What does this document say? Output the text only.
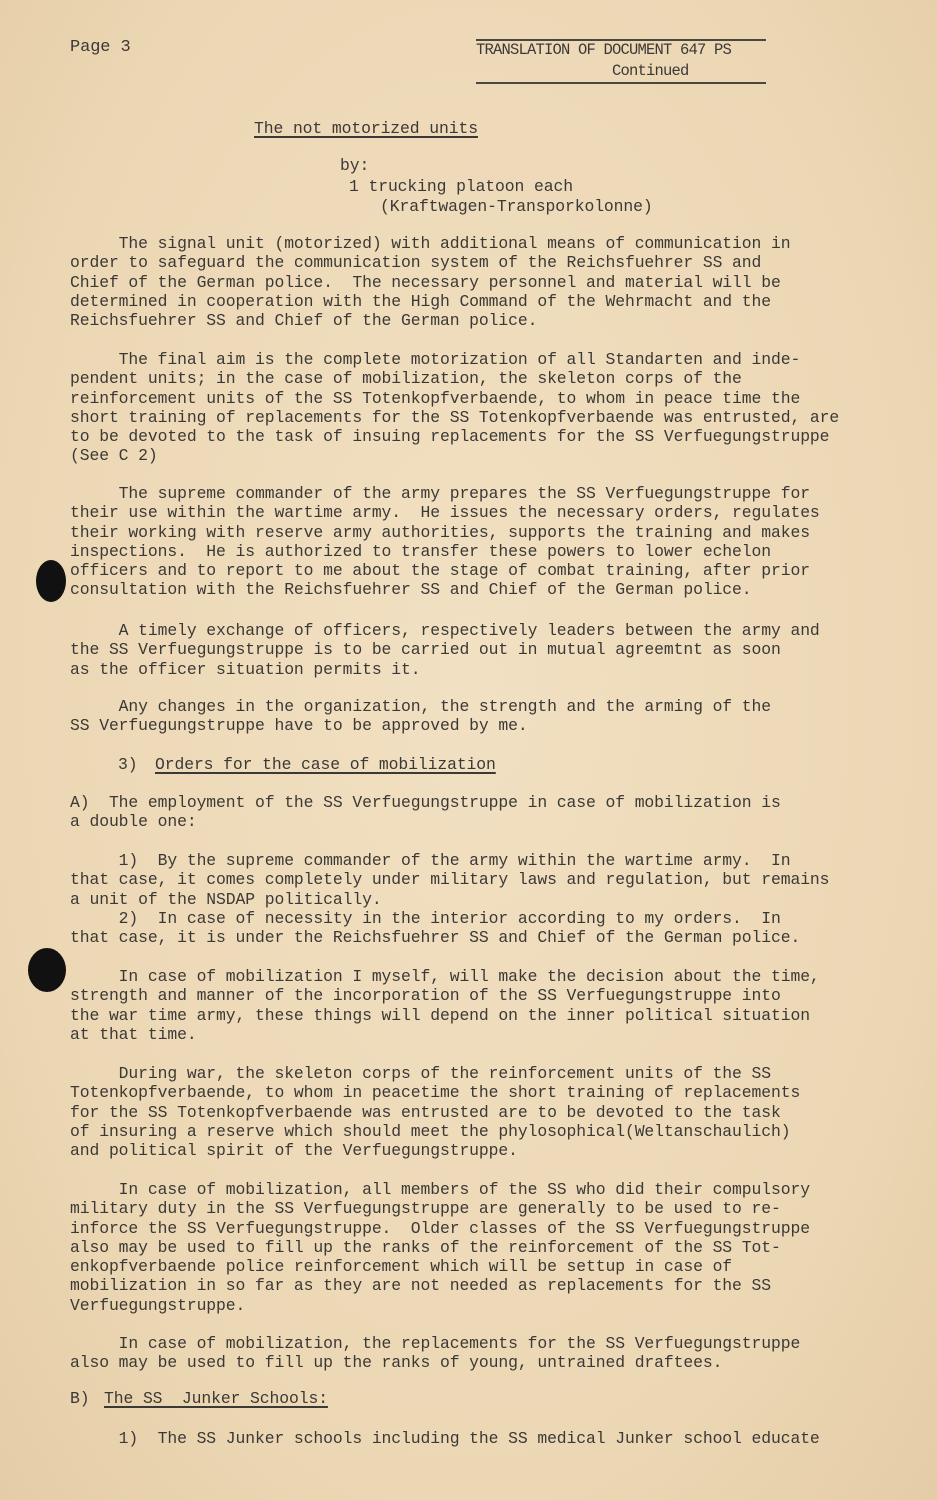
Page 3	TRANSLATION OF DOCUMENT 647 PS
Continued
The not motorized units
by:
1 trucking platoon each
(Kraftwagen-Transporkolonne)
The signal unit (motorized) with additional means of communication in
order to safeguard the communication system of the Reichsfuehrer SS and
Chief of the German police.  The necessary personnel and material will be
determined in cooperation with the High Command of the Wehrmacht and the
Reichsfuehrer SS and Chief of the German police.
The final aim is the complete motorization of all Standarten and inde-
pendent units; in the case of mobilization, the skeleton corps of the
reinforcement units of the SS Totenkopfverbaende, to whom in peace time the
short training of replacements for the SS Totenkopfverbaende was entrusted, are
to be devoted to the task of insuing replacements for the SS Verfuegungstruppe
(See C 2)
The supreme commander of the army prepares the SS Verfuegungstruppe for
their use within the wartime army.  He issues the necessary orders, regulates
their working with reserve army authorities, supports the training and makes
inspections.  He is authorized to transfer these powers to lower echelon
officers and to report to me about the stage of combat training, after prior
consultation with the Reichsfuehrer SS and Chief of the German police.
A timely exchange of officers, respectively leaders between the army and
the SS Verfuegungstruppe is to be carried out in mutual agreemtnt as soon
as the officer situation permits it.
Any changes in the organization, the strength and the arming of the
SS Verfuegungstruppe have to be approved by me.
3) Orders for the case of mobilization
A)  The employment of the SS Verfuegungstruppe in case of mobilization is
a double one:
1)  By the supreme commander of the army within the wartime army.  In
that case, it comes completely under military laws and regulation, but remains
a unit of the NSDAP politically.
2)  In case of necessity in the interior according to my orders.  In
that case, it is under the Reichsfuehrer SS and Chief of the German police.
In case of mobilization I myself, will make the decision about the time,
strength and manner of the incorporation of the SS Verfuegungstruppe into
the war time army, these things will depend on the inner political situation
at that time.
During war, the skeleton corps of the reinforcement units of the SS
Totenkopfverbaende, to whom in peacetime the short training of replacements
for the SS Totenkopfverbaende was entrusted are to be devoted to the task
of insuring a reserve which should meet the phylosophical(Weltanschaulich)
and political spirit of the Verfuegungstruppe.
In case of mobilization, all members of the SS who did their compulsory
military duty in the SS Verfuegungstruppe are generally to be used to re-
inforce the SS Verfuegungstruppe.  Older classes of the SS Verfuegungstruppe
also may be used to fill up the ranks of the reinforcement of the SS Tot-
enkopfverbaende police reinforcement which will be settup in case of
mobilization in so far as they are not needed as replacements for the SS
Verfuegungstruppe.
In case of mobilization, the replacements for the SS Verfuegungstruppe
also may be used to fill up the ranks of young, untrained draftees.
B) The SS  Junker Schools:
1)  The SS Junker schools including the SS medical Junker school educate
